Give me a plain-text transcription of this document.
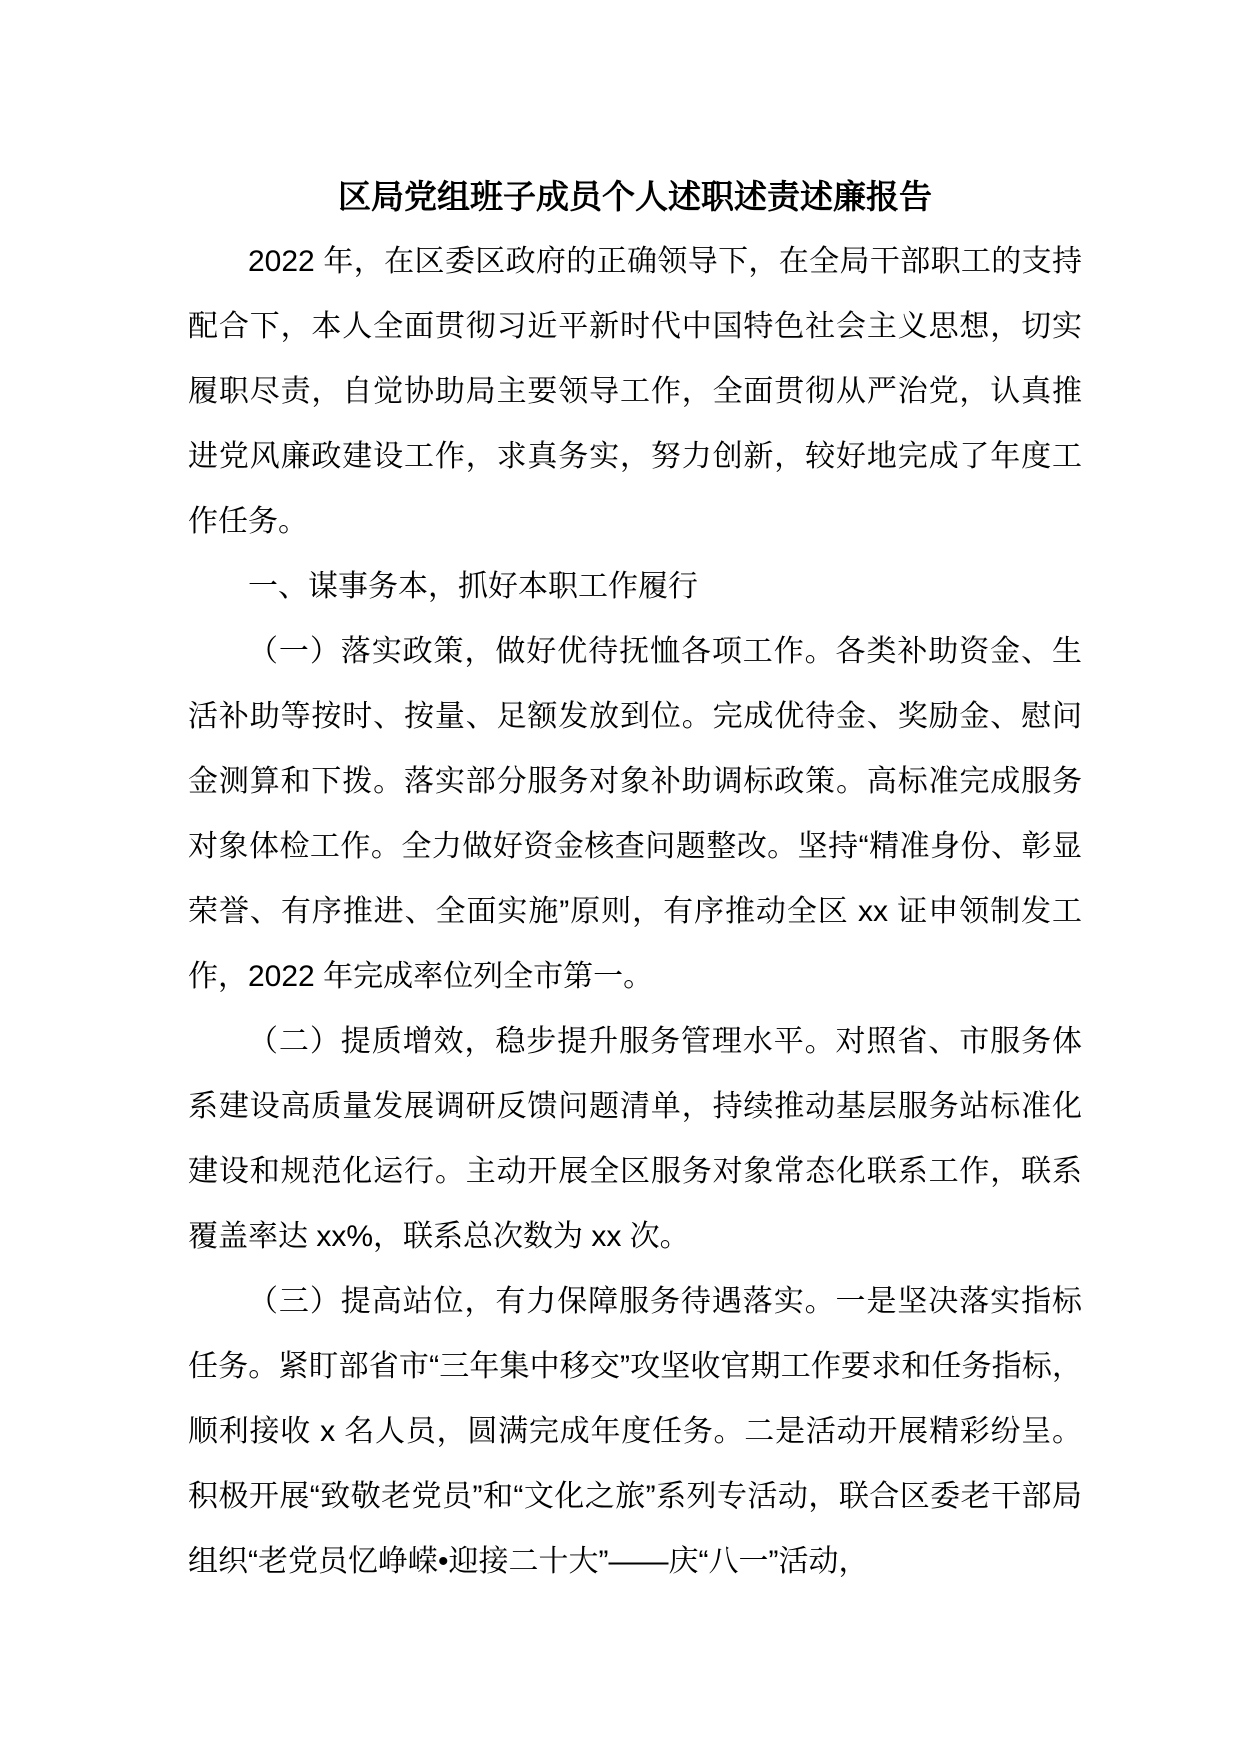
区局党组班子成员个人述职述责述廉报告

2022 年，在区委区政府的正确领导下，在全局干部职工的支持配合下，本人全面贯彻习近平新时代中国特色社会主义思想，切实履职尽责，自觉协助局主要领导工作，全面贯彻从严治党，认真推进党风廉政建设工作，求真务实，努力创新，较好地完成了年度工作任务。

一、谋事务本，抓好本职工作履行

（一）落实政策，做好优待抚恤各项工作。各类补助资金、生活补助等按时、按量、足额发放到位。完成优待金、奖励金、慰问金测算和下拨。落实部分服务对象补助调标政策。高标准完成服务对象体检工作。全力做好资金核查问题整改。坚持“精准身份、彰显荣誉、有序推进、全面实施”原则，有序推动全区 xx 证申领制发工作，2022 年完成率位列全市第一。

（二）提质增效，稳步提升服务管理水平。对照省、市服务体系建设高质量发展调研反馈问题清单，持续推动基层服务站标准化建设和规范化运行。主动开展全区服务对象常态化联系工作，联系覆盖率达 xx%，联系总次数为 xx 次。

（三）提高站位，有力保障服务待遇落实。一是坚决落实指标任务。紧盯部省市“三年集中移交”攻坚收官期工作要求和任务指标，顺利接收 x 名人员，圆满完成年度任务。二是活动开展精彩纷呈。积极开展“致敬老党员”和“文化之旅”系列专活动，联合区委老干部局组织“老党员忆峥嵘•迎接二十大”——庆“八一”活动，
